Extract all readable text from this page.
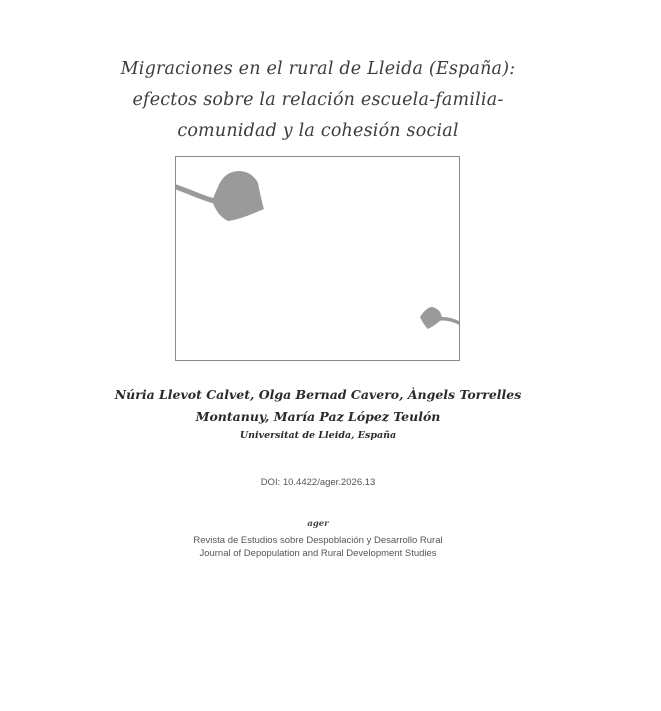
Migraciones en el rural de Lleida (España):
efectos sobre la relación escuela-familia-
comunidad y la cohesión social
Núria Llevot Calvet, Olga Bernad Cavero, Àngels Torrelles
Montanuy, María Paz López Teulón
Universitat de Lleida, España
DOI: 10.4422/ager.2026.13
ager
Revista de Estudios sobre Despoblación y Desarrollo Rural
Journal of Depopulation and Rural Development Studies
